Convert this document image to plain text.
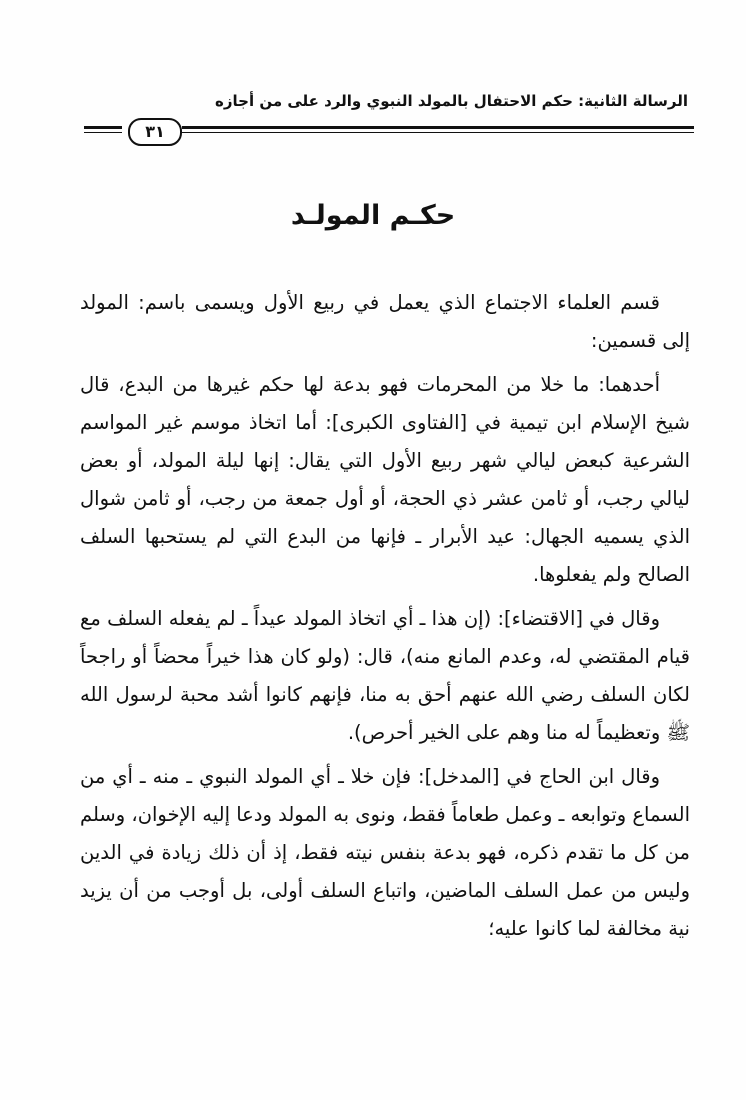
الرسالة الثانية: حكم الاحتفال بالمولد النبوي والرد على من أجازه
٣١
حكـم المولـد

قسم العلماء الاجتماع الذي يعمل في ربيع الأول ويسمى باسم: المولد إلى قسمين:

أحدهما: ما خلا من المحرمات فهو بدعة لها حكم غيرها من البدع، قال شيخ الإسلام ابن تيمية في [الفتاوى الكبرى]: أما اتخاذ موسم غير المواسم الشرعية كبعض ليالي شهر ربيع الأول التي يقال: إنها ليلة المولد، أو بعض ليالي رجب، أو ثامن عشر ذي الحجة، أو أول جمعة من رجب، أو ثامن شوال الذي يسميه الجهال: عيد الأبرار ـ فإنها من البدع التي لم يستحبها السلف الصالح ولم يفعلوها.

وقال في [الاقتضاء]: (إن هذا ـ أي اتخاذ المولد عيداً ـ لم يفعله السلف مع قيام المقتضي له، وعدم المانع منه)، قال: (ولو كان هذا خيراً محضاً أو راجحاً لكان السلف رضي الله عنهم أحق به منا، فإنهم كانوا أشد محبة لرسول الله ﷺ وتعظيماً له منا وهم على الخير أحرص).

وقال ابن الحاج في [المدخل]: فإن خلا ـ أي المولد النبوي ـ منه ـ أي من السماع وتوابعه ـ وعمل طعاماً فقط، ونوى به المولد ودعا إليه الإخوان، وسلم من كل ما تقدم ذكره، فهو بدعة بنفس نيته فقط، إذ أن ذلك زيادة في الدين وليس من عمل السلف الماضين، واتباع السلف أولى، بل أوجب من أن يزيد نية مخالفة لما كانوا عليه؛
